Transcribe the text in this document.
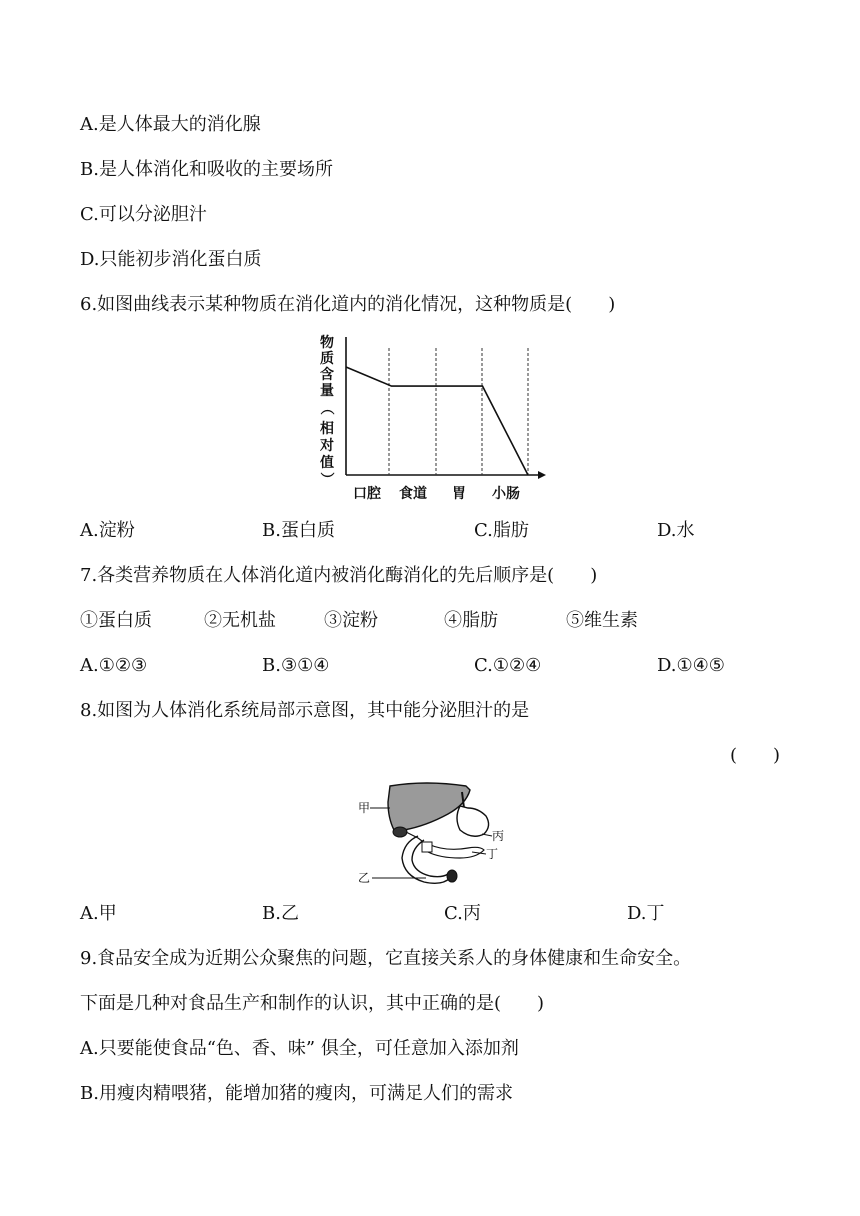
A.是人体最大的消化腺
B.是人体消化和吸收的主要场所
C.可以分泌胆汁
D.只能初步消化蛋白质
6.如图曲线表示某种物质在消化道内的消化情况，这种物质是(　　)
物
质
含
量
（
相
对
值
）
口腔 食道 胃 小肠
A.淀粉	B.蛋白质	C.脂肪	D.水
7.各类营养物质在人体消化道内被消化酶消化的先后顺序是(　　)
①蛋白质	②无机盐	③淀粉	④脂肪	⑤维生素
A.①②③	B.③①④	C.①②④	D.①④⑤
8.如图为人体消化系统局部示意图，其中能分泌胆汁的是
(　　)
甲
丙
丁
乙
A.甲	B.乙	C.丙	D.丁
9.食品安全成为近期公众聚焦的问题，它直接关系人的身体健康和生命安全。
下面是几种对食品生产和制作的认识，其中正确的是(　　)
A.只要能使食品“色、香、味” 俱全，可任意加入添加剂
B.用瘦肉精喂猪，能增加猪的瘦肉，可满足人们的需求
